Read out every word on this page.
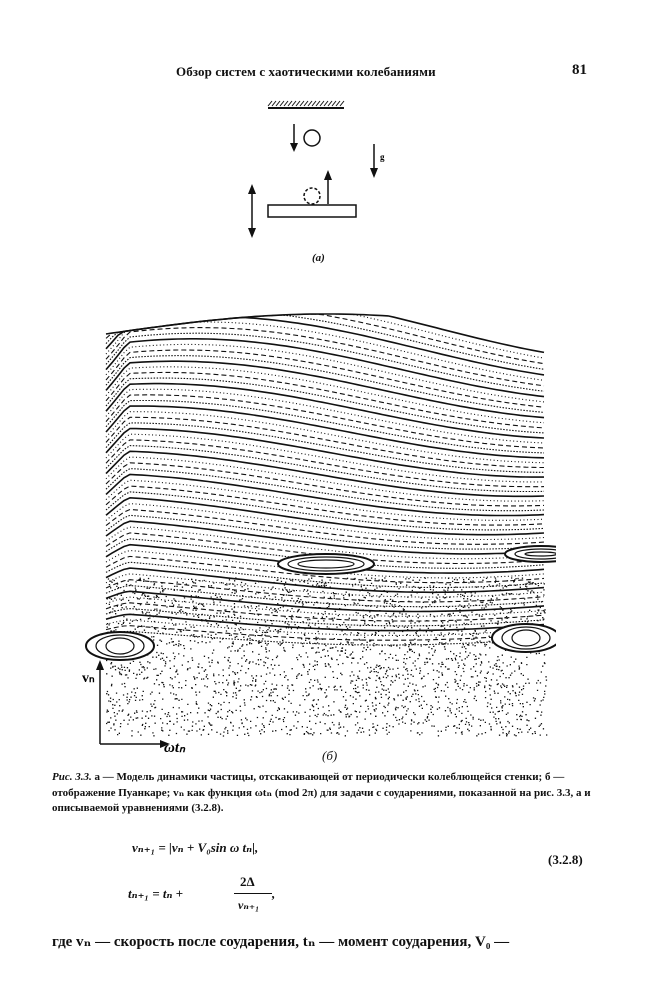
Обзор систем с хаотическими колебаниями	81
g
(a)
vₙ
ωtₙ	(б)
Рис. 3.3. а — Модель динамики частицы, отскакивающей от периодически колеблющейся стенки; б — отображение Пуанкаре; vₙ как функция ωtₙ (mod 2π) для задачи с соударениями, показанной на рис. 3.3, а и описываемой уравнениями (3.2.8).
vₙ₊₁ = |vₙ + V₀sin ω tₙ|,
(3.2.8)
tₙ₊₁ = tₙ +
2Δ
vₙ₊₁
,
где vₙ — скорость после соударения, tₙ — момент соударения, V₀ —
